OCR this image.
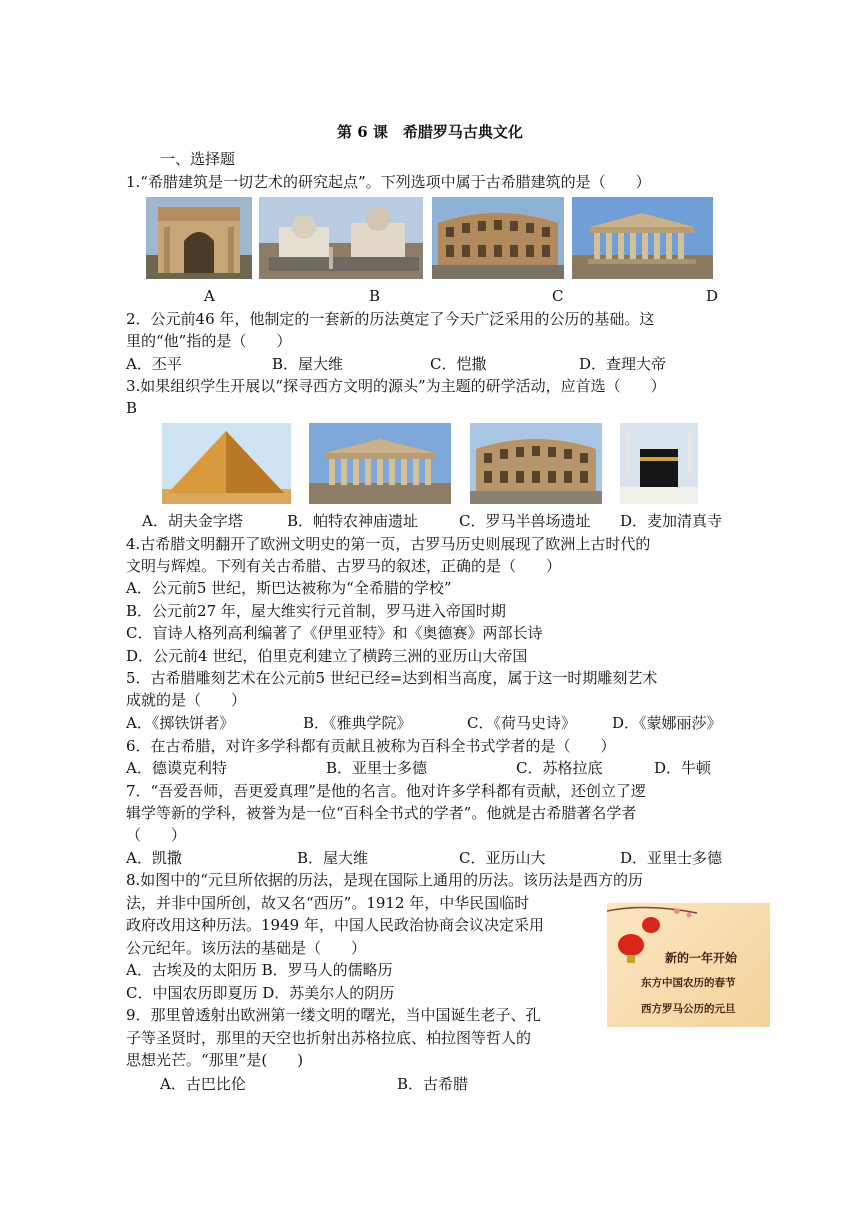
第 6 课　希腊罗马古典文化
一、选择题
1.“希腊建筑是一切艺术的研究起点”。下列选项中属于古希腊建筑的是（　　）
A	B	C	D
2．公元前46 年，他制定的一套新的历法奠定了今天广泛采用的公历的基础。这
里的“他”指的是（　　）
A．丕平	B．屋大维	C．恺撒	D．查理大帝
3.如果组织学生开展以“探寻西方文明的源头”为主题的研学活动，应首选（　　）
B
A．胡夫金字塔	B．帕特农神庙遗址	C．罗马半兽场遗址 D．麦加清真寺
4.古希腊文明翻开了欧洲文明史的第一页，古罗马历史则展现了欧洲上古时代的
文明与辉煌。下列有关古希腊、古罗马的叙述，正确的是（　　）
A．公元前5 世纪，斯巴达被称为“全希腊的学校”
B．公元前27 年，屋大维实行元首制，罗马进入帝国时期
C．盲诗人格列高利编著了《伊里亚特》和《奥德赛》两部长诗
D．公元前4 世纪，伯里克利建立了横跨三洲的亚历山大帝国
5．古希腊雕刻艺术在公元前5 世纪已经=达到相当高度，属于这一时期雕刻艺术
成就的是（　　）
A．《掷铁饼者》	B．《雅典学院》	C．《荷马史诗》 D．《蒙娜丽莎》
6．在古希腊，对许多学科都有贡献且被称为百科全书式学者的是（　　）
A．德谟克利特	B．亚里士多德	C．苏格拉底	D．牛顿
7．“吾爱吾师，吾更爱真理”是他的名言。他对许多学科都有贡献，还创立了逻
辑学等新的学科，被誉为是一位“百科全书式的学者”。他就是古希腊著名学者
（　　）
A．凯撒	B．屋大维	C．亚历山大	D．亚里士多德
8.如图中的“元旦所依据的历法，是现在国际上通用的历法。该历法是西方的历
法，并非中国所创，故又名“西历”。1912 年，中华民国临时
政府改用这种历法。1949 年，中国人民政治协商会议决定采用
公元纪年。该历法的基础是（　　）
A．古埃及的太阳历 B．罗马人的儒略历
C．中国农历即夏历 D．苏美尔人的阴历
新的一年开始
东方中国农历的春节
西方罗马公历的元旦
9．那里曾透射出欧洲第一缕文明的曙光，当中国诞生老子、孔
子等圣贤时，那里的天空也折射出苏格拉底、柏拉图等哲人的
思想光芒。“那里”是(　　)
A．古巴比伦	B．古希腊
